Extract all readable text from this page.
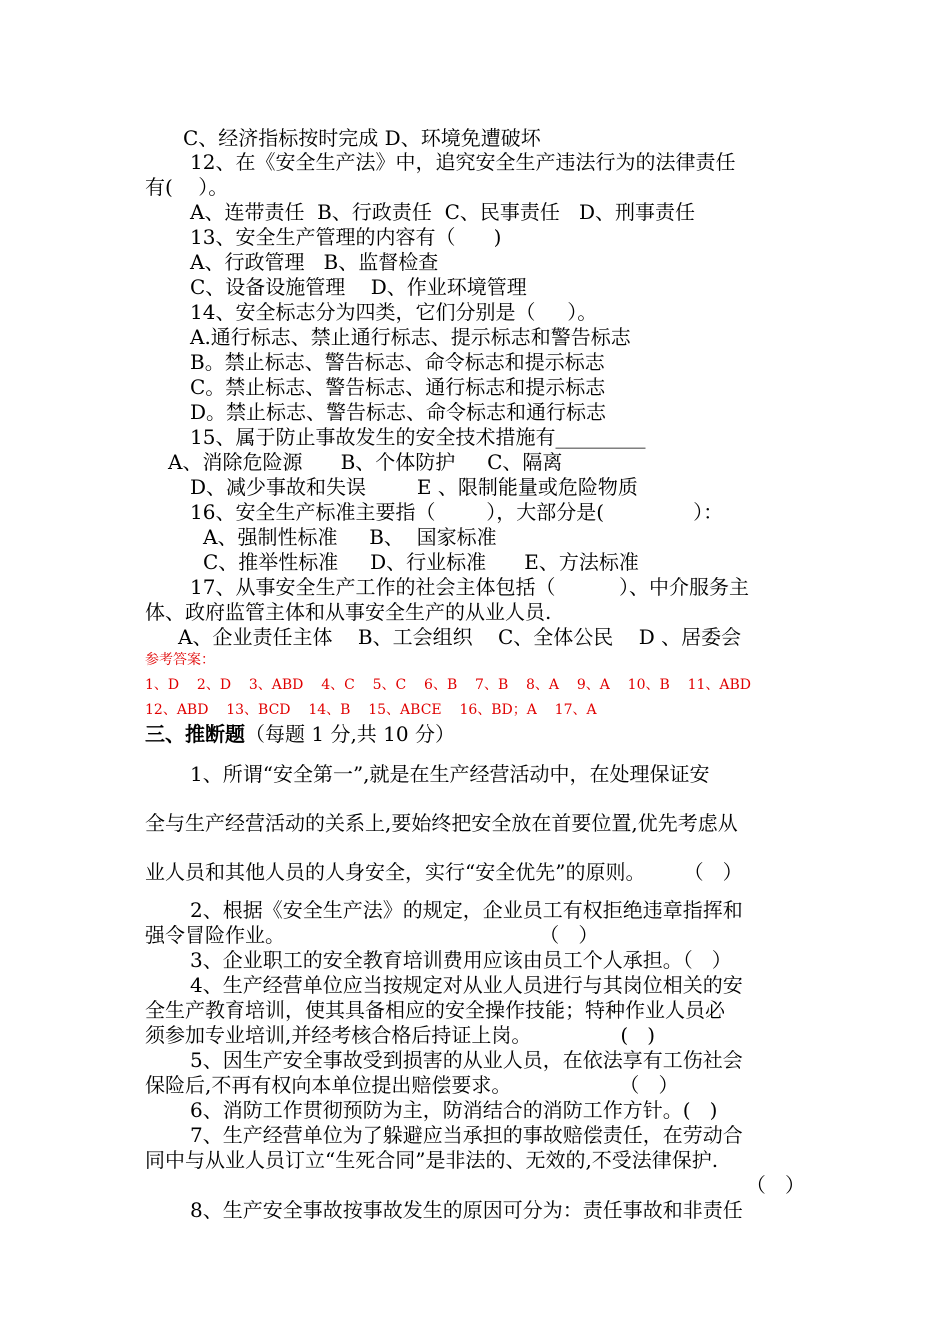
C、经济指标按时完成 D、环境免遭破坏
12、在《安全生产法》中，追究安全生产违法行为的法律责任
有(    ）。
A、连带责任  B、行政责任  C、民事责任   D、刑事责任
13、安全生产管理的内容有（      )
A、行政管理   B、监督检查
C、设备设施管理    D、作业环境管理
14、安全标志分为四类，它们分别是（     ）。
A.通行标志、禁止通行标志、提示标志和警告标志
B。禁止标志、警告标志、命令标志和提示标志
C。禁止标志、警告标志、通行标志和提示标志
D。禁止标志、警告标志、命令标志和通行标志
15、属于防止事故发生的安全技术措施有_________
A、消除危险源      B、个体防护     C、隔离
D、减少事故和失误        E 、限制能量或危险物质
16、安全生产标准主要指（        ），大部分是(              ）：
A、强制性标准     B、  国家标准
C、推举性标准     D、行业标准      E、方法标准
17、从事安全生产工作的社会主体包括（          ）、中介服务主
体、政府监管主体和从事安全生产的从业人员.
A、企业责任主体    B、工会组织    C、全体公民    D 、居委会
参考答案：
1、D    2、D    3、ABD    4、C    5、C    6、B    7、B    8、A    9、A    10、B    11、ABD
12、ABD    13、BCD    14、B    15、ABCE    16、BD；A    17、A
三、推断题（每题 1 分,共 10 分）
1、所谓“安全第一”,就是在生产经营活动中，在处理保证安
全与生产经营活动的关系上,要始终把安全放在首要位置,优先考虑从
业人员和其他人员的人身安全，实行“安全优先”的原则。      （   ）
2、根据《安全生产法》的规定，企业员工有权拒绝违章指挥和
强令冒险作业。                                        （   ）
3、企业职工的安全教育培训费用应该由员工个人承担。（   ）
4、生产经营单位应当按规定对从业人员进行与其岗位相关的安
全生产教育培训，使其具备相应的安全操作技能；特种作业人员必
须参加专业培训,并经考核合格后持证上岗。              (   )
5、因生产安全事故受到损害的从业人员，在依法享有工伤社会
保险后,不再有权向本单位提出赔偿要求。                 （   ）
6、消防工作贯彻预防为主，防消结合的消防工作方针。(   )
7、生产经营单位为了躲避应当承担的事故赔偿责任，在劳动合
同中与从业人员订立“生死合同”是非法的、无效的,不受法律保护.
（   ）
8、生产安全事故按事故发生的原因可分为：责任事故和非责任
